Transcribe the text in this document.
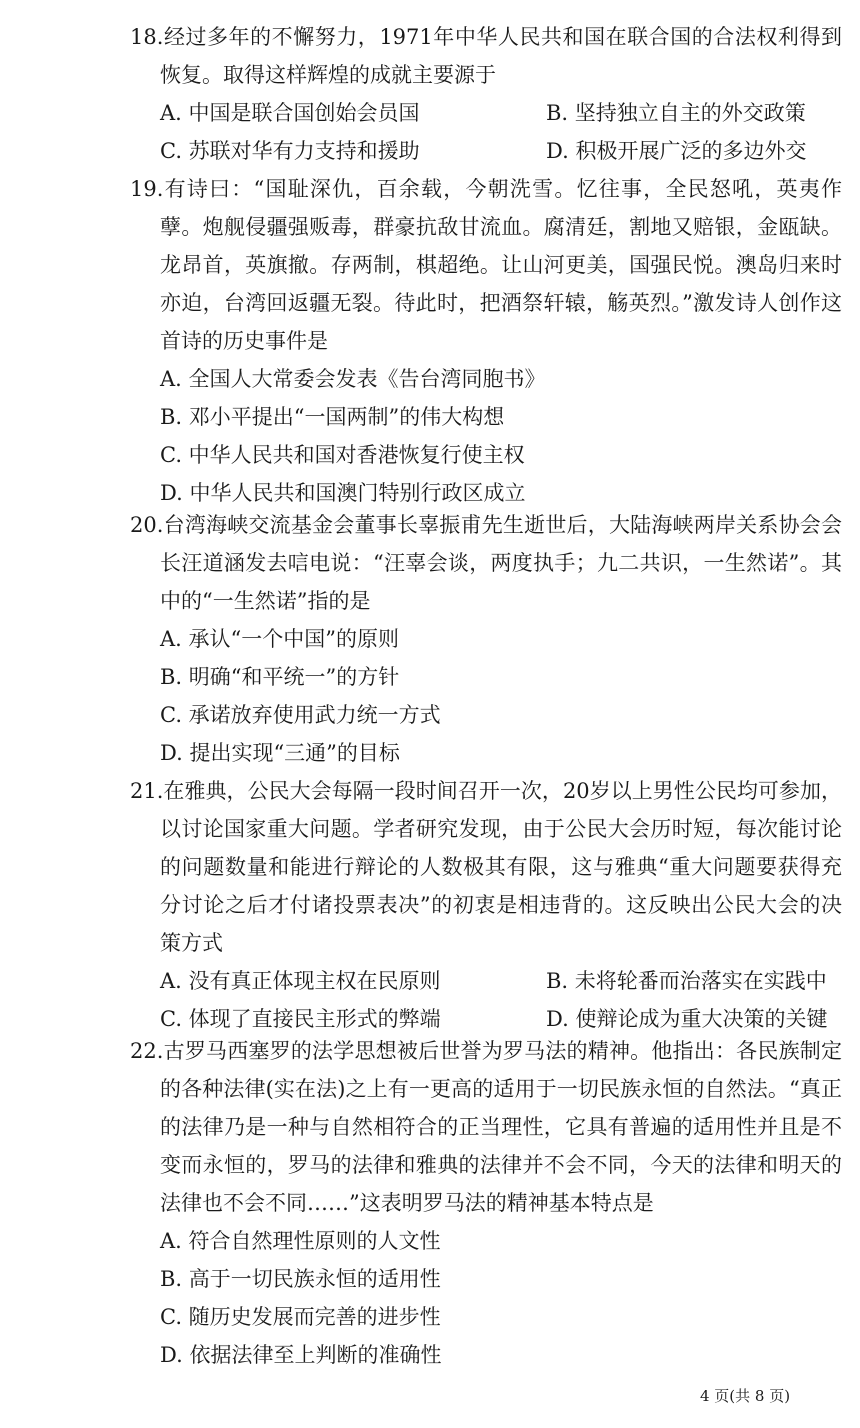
18.经过多年的不懈努力，1971年中华人民共和国在联合国的合法权利得到恢复。取得这样辉煌的成就主要源于
A. 中国是联合国创始会员国	B. 坚持独立自主的外交政策
C. 苏联对华有力支持和援助	D. 积极开展广泛的多边外交
19.有诗曰：“国耻深仇，百余载，今朝洗雪。忆往事，全民怒吼，英夷作孽。炮舰侵疆强贩毒，群豪抗敌甘流血。腐清廷，割地又赔银，金瓯缺。龙昂首，英旗撤。存两制，棋超绝。让山河更美，国强民悦。澳岛归来时亦迫，台湾回返疆无裂。待此时，把酒祭轩辕，觞英烈。”激发诗人创作这首诗的历史事件是
A. 全国人大常委会发表《告台湾同胞书》
B. 邓小平提出“一国两制”的伟大构想
C. 中华人民共和国对香港恢复行使主权
D. 中华人民共和国澳门特别行政区成立
20.台湾海峡交流基金会董事长辜振甫先生逝世后，大陆海峡两岸关系协会会长汪道涵发去唁电说：“汪辜会谈，两度执手；九二共识，一生然诺”。其中的“一生然诺”指的是
A. 承认“一个中国”的原则
B. 明确“和平统一”的方针
C. 承诺放弃使用武力统一方式
D. 提出实现“三通”的目标
21.在雅典，公民大会每隔一段时间召开一次，20岁以上男性公民均可参加，以讨论国家重大问题。学者研究发现，由于公民大会历时短，每次能讨论的问题数量和能进行辩论的人数极其有限，这与雅典“重大问题要获得充分讨论之后才付诸投票表决”的初衷是相违背的。这反映出公民大会的决策方式
A. 没有真正体现主权在民原则	B. 未将轮番而治落实在实践中
C. 体现了直接民主形式的弊端	D. 使辩论成为重大决策的关键
22.古罗马西塞罗的法学思想被后世誉为罗马法的精神。他指出：各民族制定的各种法律(实在法)之上有一更高的适用于一切民族永恒的自然法。“真正的法律乃是一种与自然相符合的正当理性，它具有普遍的适用性并且是不变而永恒的，罗马的法律和雅典的法律并不会不同，今天的法律和明天的法律也不会不同……”这表明罗马法的精神基本特点是
A. 符合自然理性原则的人文性
B. 高于一切民族永恒的适用性
C. 随历史发展而完善的进步性
D. 依据法律至上判断的准确性
4 页(共 8 页)
